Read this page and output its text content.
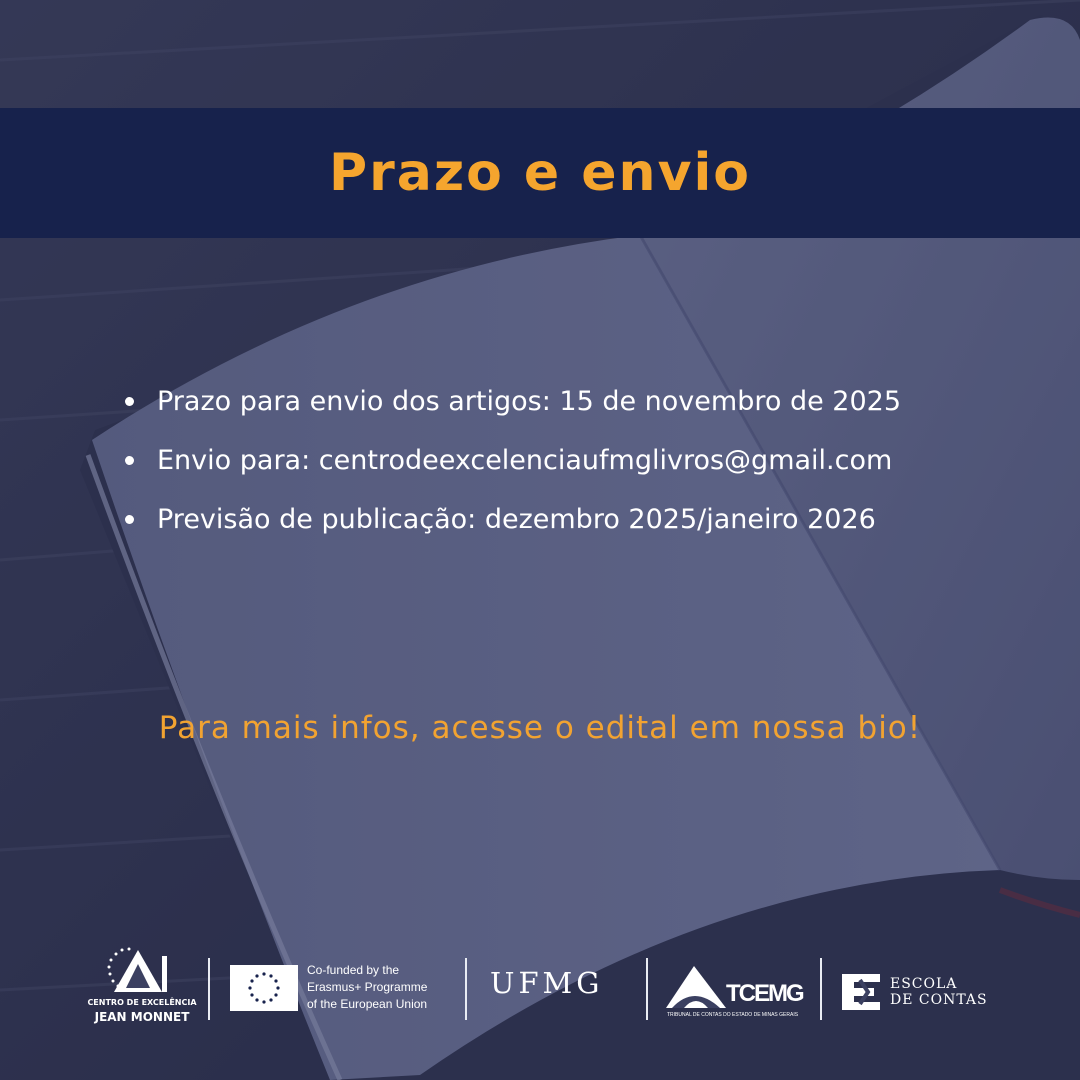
Prazo e envio
Prazo para envio dos artigos:
15 de novembro de 2025
Envio para:
centrodeexcelenciaufmglivros@gmail.com
Previsão de publicação:
dezembro 2025/janeiro 2026
Para mais infos, acesse o edital em nossa bio!
CENTRO DE EXCELÊNCIA
JEAN MONNET
Co-funded by the
Erasmus+ Programme
of the European Union
UFMG	TCEMG
TRIBUNAL DE CONTAS DO ESTADO DE MINAS GERAIS
ESCOLA
DE CONTAS
